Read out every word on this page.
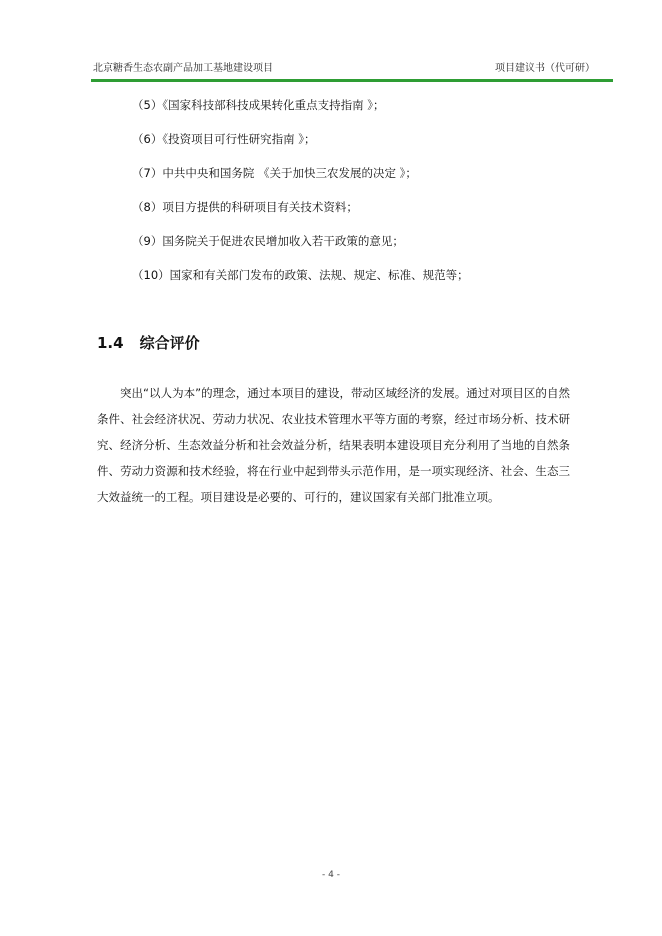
北京糖香生态农副产品加工基地建设项目	项目建议书（代可研）
（5）《国家科技部科技成果转化重点支持指南 》；
（6）《投资项目可行性研究指南 》；
（7）中共中央和国务院 《关于加快三农发展的决定 》；
（8）项目方提供的科研项目有关技术资料；
（9）国务院关于促进农民增加收入若干政策的意见；
（10）国家和有关部门发布的政策、法规、规定、标准、规范等；
1.4 综合评价

突出“以人为本”的理念，通过本项目的建设，带动区域经济的发展。通过对项目区的自然条件、社会经济状况、劳动力状况、农业技术管理水平等方面的考察，经过市场分析、技术研究、经济分析、生态效益分析和社会效益分析，结果表明本建设项目充分利用了当地的自然条件、劳动力资源和技术经验，将在行业中起到带头示范作用，是一项实现经济、社会、生态三大效益统一的工程。项目建设是必要的、可行的，建议国家有关部门批准立项。

- 4 -
